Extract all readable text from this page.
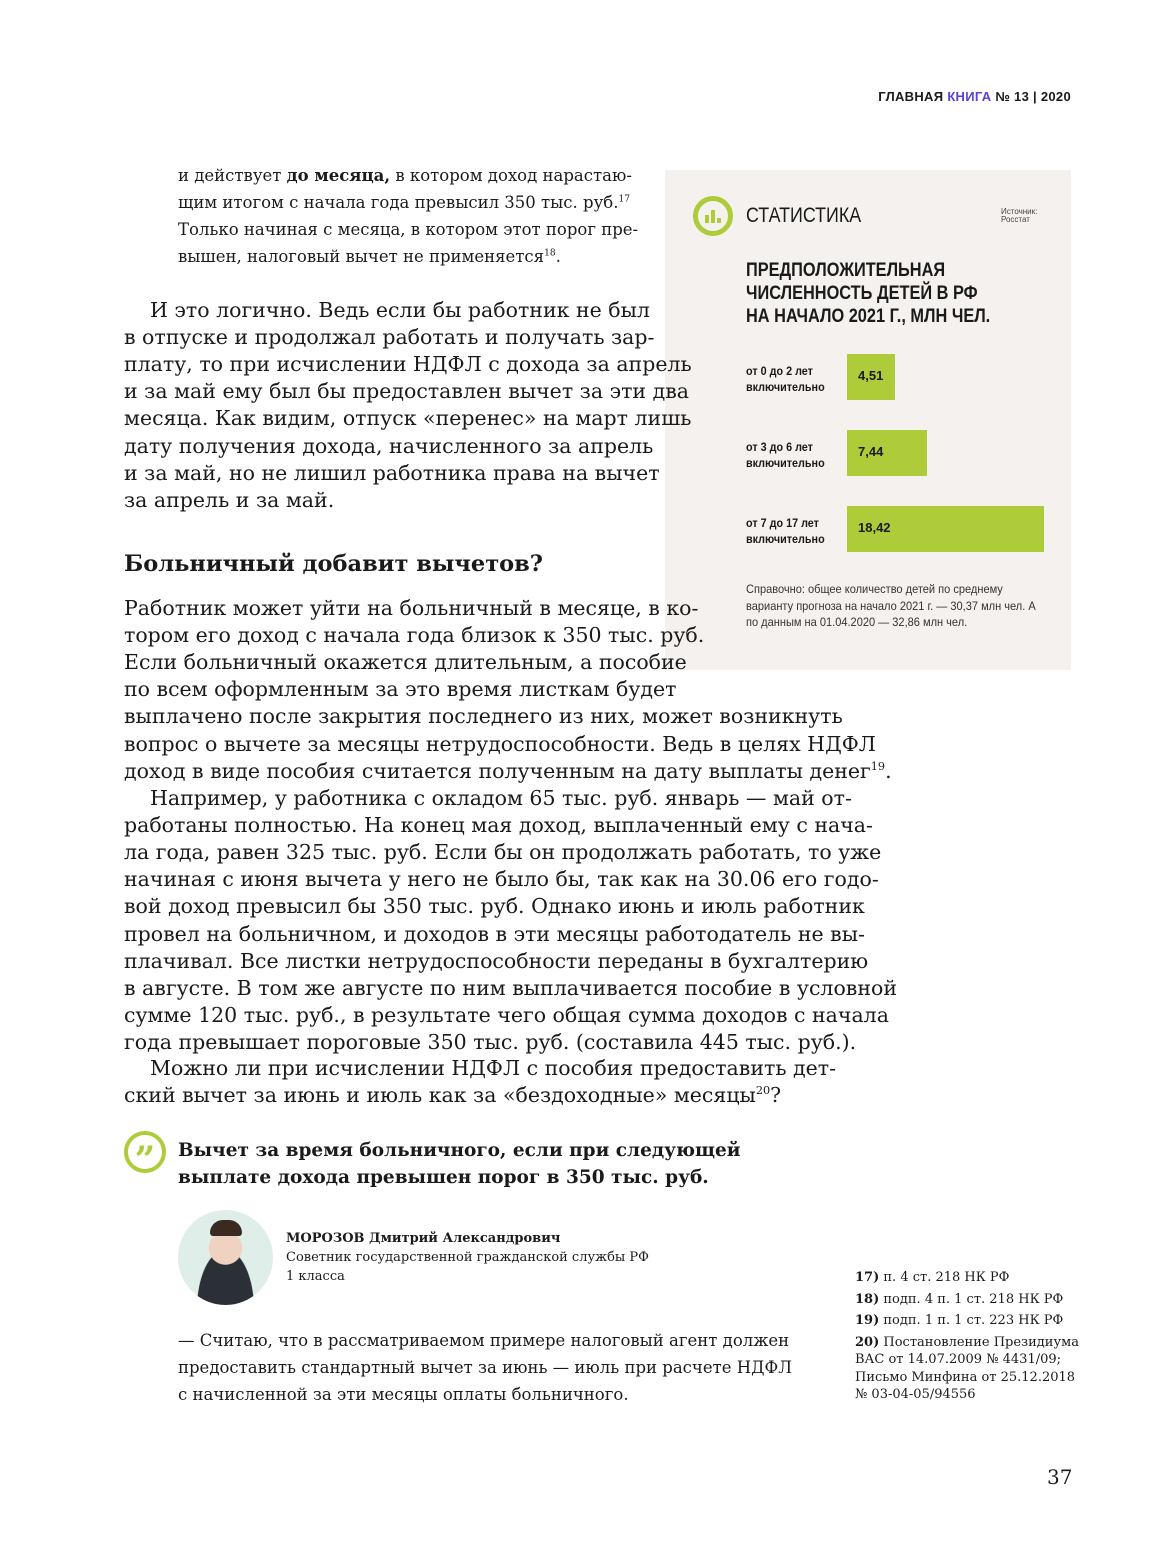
ГЛАВНАЯ КНИГА № 13 | 2020
Больничный добавит вычетов?
СТАТИСТИКА	Источник:
Росстат
ПРЕДПОЛОЖИТЕЛЬНАЯ
ЧИСЛЕННОСТЬ ДЕТЕЙ В РФ
НА НАЧАЛО 2021 Г., МЛН ЧЕЛ.
Справочно: общее количество детей по среднему варианту прогноза на начало 2021 г. — 30,37 млн чел. А по данным на 01.04.2020 — 32,86 млн чел.
”	Вычет за время больничного, если при следующей
выплате дохода превышен порог в 350 тыс. руб.
МОРОЗОВ Дмитрий Александрович
Советник государственной гражданской службы РФ
1 класса
— Считаю, что в рассматриваемом примере налоговый агент должен
предоставить стандартный вычет за июнь — июль при расчете НДФЛ
с начисленной за эти месяцы оплаты больничного.
37
и действует до месяца, в котором доход нарастаю-
щим итогом с начала года превысил 350 тыс. руб.$^{17}$
Только начиная с месяца, в котором этот порог пре-
вышен, налоговый вычет не применяется$^{18}$.
И это логично. Ведь если бы работник не был
в отпуске и продолжал работать и получать зар-
плату, то при исчислении НДФЛ с дохода за апрель
и за май ему был бы предоставлен вычет за эти два
месяца. Как видим, отпуск «перенес» на март лишь
дату получения дохода, начисленного за апрель
и за май, но не лишил работника права на вычет
за апрель и за май.
Работник может уйти на больничный в месяце, в ко-
тором его доход с начала года близок к 350 тыс. руб.
Если больничный окажется длительным, а пособие
по всем оформленным за это время листкам будет
выплачено после закрытия последнего из них, может возникнуть
вопрос о вычете за месяцы нетрудоспособности. Ведь в целях НДФЛ
доход в виде пособия считается полученным на дату выплаты денег$^{19}$.
Например, у работника с окладом 65 тыс. руб. январь — май от-
работаны полностью. На конец мая доход, выплаченный ему с нача-
ла года, равен 325 тыс. руб. Если бы он продолжать работать, то уже
начиная с июня вычета у него не было бы, так как на 30.06 его годо-
вой доход превысил бы 350 тыс. руб. Однако июнь и июль работник
провел на больничном, и доходов в эти месяцы работодатель не вы-
плачивал. Все листки нетрудоспособности переданы в бухгалтерию
в августе. В том же августе по ним выплачивается пособие в условной
сумме 120 тыс. руб., в результате чего общая сумма доходов с начала
года превышает пороговые 350 тыс. руб. (составила 445 тыс. руб.).
Можно ли при исчислении НДФЛ с пособия предоставить дет-
ский вычет за июнь и июль как за «бездоходные» месяцы$^{20}$?
от 0 до 2 лет
включительно
4,51
от 3 до 6 лет
включительно
7,44
от 7 до 17 лет
включительно
18,42
17) п. 4 ст. 218 НК РФ
18) подп. 4 п. 1 ст. 218 НК РФ
19) подп. 1 п. 1 ст. 223 НК РФ
20) Постановление Президиума
ВАС от 14.07.2009 № 4431/09;
Письмо Минфина от 25.12.2018
№ 03-04-05/94556
